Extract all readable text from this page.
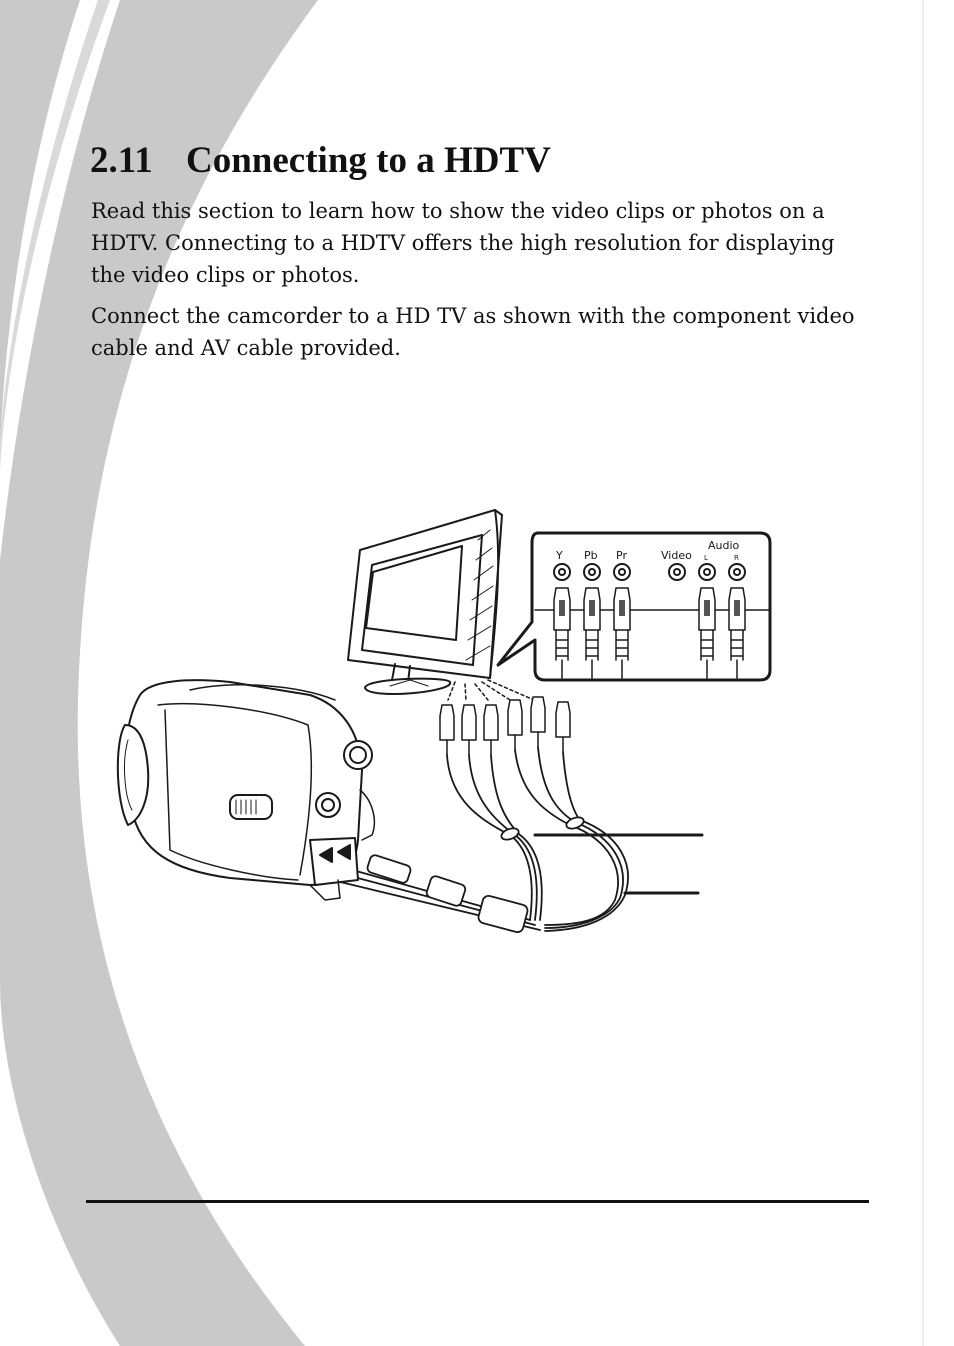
2.11 Connecting to a HDTV

Read this section to learn how to show the video clips or photos on a HDTV. Connecting to a HDTV offers the high resolution for displaying the video clips or photos.

Connect the camcorder to a HD TV as shown with the component video cable and AV cable provided.

Y Pb Pr	Video
Audio
L	R
